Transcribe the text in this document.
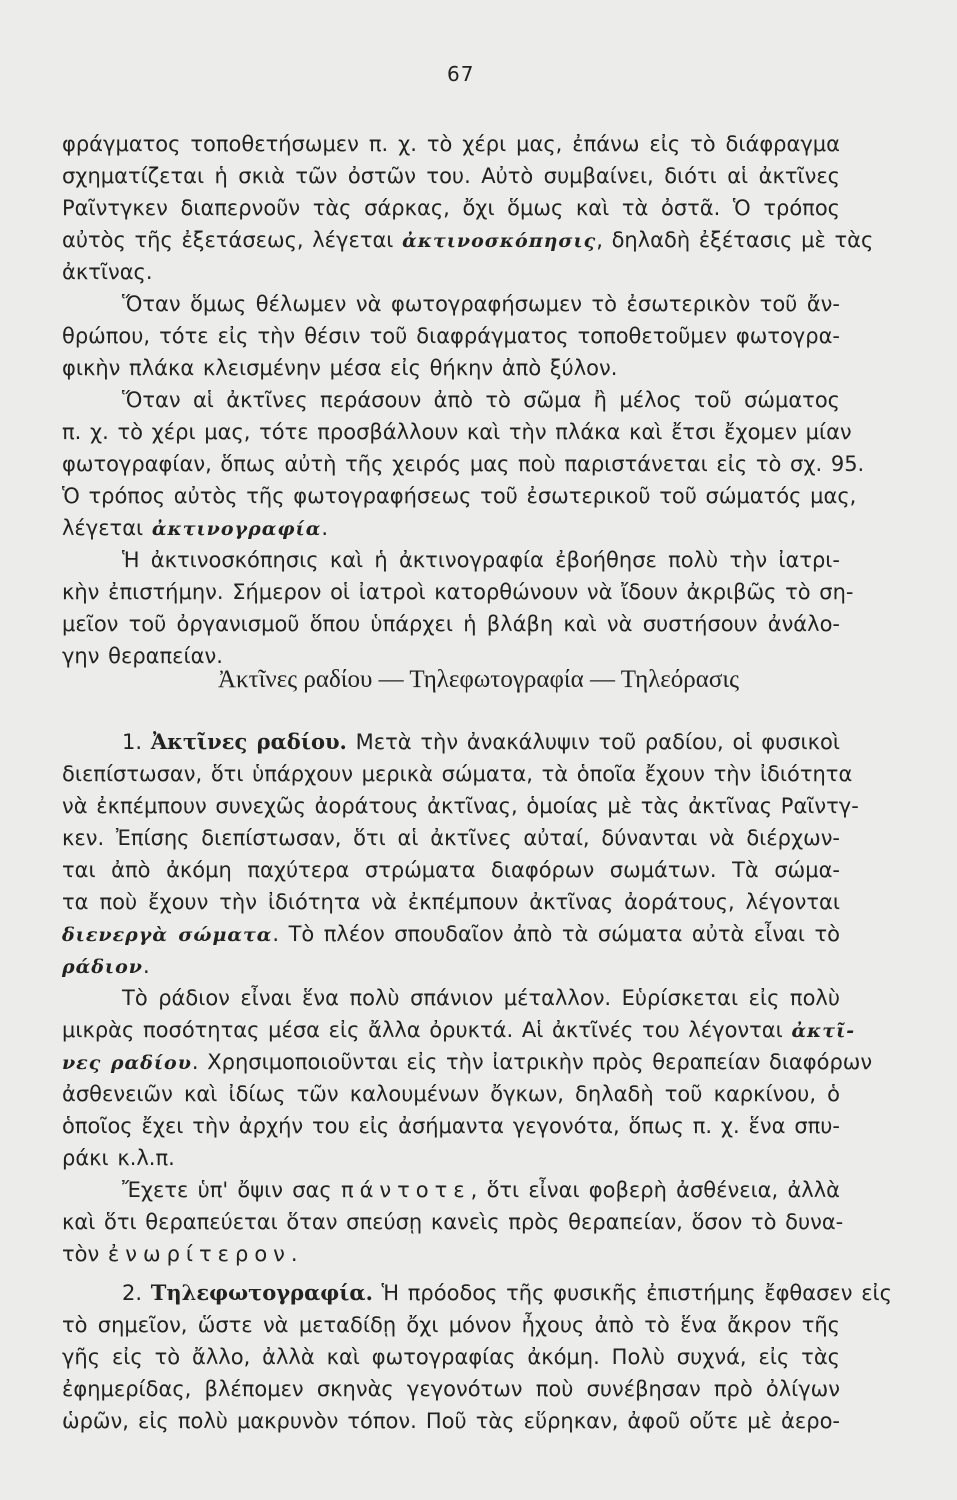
67
φράγματος τοποθετήσωμεν π. χ. τὸ χέρι μας, ἐπάνω εἰς τὸ διάφραγμα
σχηματίζεται ἡ σκιὰ τῶν ὀστῶν του. Αὐτὸ συμβαίνει, διότι αἱ ἀκτῖνες
Ραῖντγκεν διαπερνοῦν τὰς σάρκας, ὄχι ὅμως καὶ τὰ ὀστᾶ. Ὁ τρόπος
αὐτὸς τῆς ἐξετάσεως, λέγεται ἀκτινοσκόπησις, δηλαδὴ ἐξέτασις μὲ τὰς
ἀκτῖνας.
Ὅταν ὅμως θέλωμεν νὰ φωτογραφήσωμεν τὸ ἐσωτερικὸν τοῦ ἄν-
θρώπου, τότε εἰς τὴν θέσιν τοῦ διαφράγματος τοποθετοῦμεν φωτογρα-
φικὴν πλάκα κλεισμένην μέσα εἰς θήκην ἀπὸ ξύλον.
Ὅταν αἱ ἀκτῖνες περάσουν ἀπὸ τὸ σῶμα ἢ μέλος τοῦ σώματος
π. χ. τὸ χέρι μας, τότε προσβάλλουν καὶ τὴν πλάκα καὶ ἔτσι ἔχομεν μίαν
φωτογραφίαν, ὅπως αὐτὴ τῆς χειρός μας ποὺ παριστάνεται εἰς τὸ σχ. 95.
Ὁ τρόπος αὐτὸς τῆς φωτογραφήσεως τοῦ ἐσωτερικοῦ τοῦ σώματός μας,
λέγεται ἀκτινογραφία.
Ἡ ἀκτινοσκόπησις καὶ ἡ ἀκτινογραφία ἐβοήθησε πολὺ τὴν ἰατρι-
κὴν ἐπιστήμην. Σήμερον οἱ ἰατροὶ κατορθώνουν νὰ ἴδουν ἀκριβῶς τὸ ση-
μεῖον τοῦ ὀργανισμοῦ ὅπου ὑπάρχει ἡ βλάβη καὶ νὰ συστήσουν ἀνάλο-
γην θεραπείαν.
Ἀκτῖνες ραδίου — Τηλεφωτογραφία — Τηλεόρασις
1. Ἀκτῖνες ραδίου. Μετὰ τὴν ἀνακάλυψιν τοῦ ραδίου, οἱ φυσικοὶ
διεπίστωσαν, ὅτι ὑπάρχουν μερικὰ σώματα, τὰ ὁποῖα ἔχουν τὴν ἰδιότητα
νὰ ἐκπέμπουν συνεχῶς ἀοράτους ἀκτῖνας, ὁμοίας μὲ τὰς ἀκτῖνας Ραῖντγ-
κεν. Ἐπίσης διεπίστωσαν, ὅτι αἱ ἀκτῖνες αὐταί, δύνανται νὰ διέρχων-
ται ἀπὸ ἀκόμη παχύτερα στρώματα διαφόρων σωμάτων. Τὰ σώμα-
τα ποὺ ἔχουν τὴν ἰδιότητα νὰ ἐκπέμπουν ἀκτῖνας ἀοράτους, λέγονται
διενεργὰ σώματα. Τὸ πλέον σπουδαῖον ἀπὸ τὰ σώματα αὐτὰ εἶναι τὸ
ράδιον.
Τὸ ράδιον εἶναι ἕνα πολὺ σπάνιον μέταλλον. Εὑρίσκεται εἰς πολὺ
μικρὰς ποσότητας μέσα εἰς ἄλλα ὀρυκτά. Αἱ ἀκτῖνές του λέγονται ἀκτῖ-
νες ραδίου. Χρησιμοποιοῦνται εἰς τὴν ἰατρικὴν πρὸς θεραπείαν διαφόρων
ἀσθενειῶν καὶ ἰδίως τῶν καλουμένων ὄγκων, δηλαδὴ τοῦ καρκίνου, ὁ
ὁποῖος ἔχει τὴν ἀρχήν του εἰς ἀσήμαντα γεγονότα, ὅπως π. χ. ἕνα σπυ-
ράκι κ.λ.π.
Ἔχετε ὑπ' ὄψιν σας πάντοτε, ὅτι εἶναι φοβερὴ ἀσθένεια, ἀλλὰ
καὶ ὅτι θεραπεύεται ὅταν σπεύσῃ κανεὶς πρὸς θεραπείαν, ὅσον τὸ δυνα-
τὸν ἐνωρίτερον.
2. Τηλεφωτογραφία. Ἡ πρόοδος τῆς φυσικῆς ἐπιστήμης ἔφθασεν εἰς
τὸ σημεῖον, ὥστε νὰ μεταδίδῃ ὄχι μόνον ἦχους ἀπὸ τὸ ἕνα ἄκρον τῆς
γῆς εἰς τὸ ἄλλο, ἀλλὰ καὶ φωτογραφίας ἀκόμη. Πολὺ συχνά, εἰς τὰς
ἐφημερίδας, βλέπομεν σκηνὰς γεγονότων ποὺ συνέβησαν πρὸ ὀλίγων
ὡρῶν, εἰς πολὺ μακρυνὸν τόπον. Ποῦ τὰς εὕρηκαν, ἀφοῦ οὔτε μὲ ἀερο-
